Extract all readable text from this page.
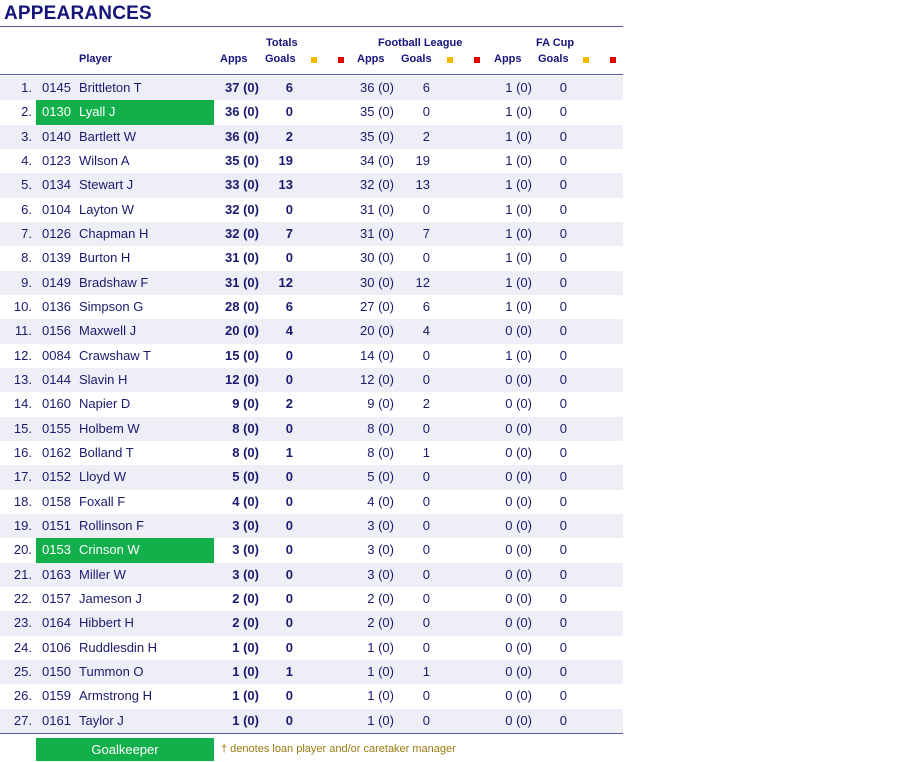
APPEARANCES
Totals	Football League	FA Cup
Player	Apps Goals	Apps Goals	Apps Goals
1. 0145 Brittleton T	37 (0) 6	36 (0) 6	1 (0) 0
2. 0130 Lyall J	36 (0) 0	35 (0) 0	1 (0) 0
3. 0140 Bartlett W	36 (0) 2	35 (0) 2	1 (0) 0
4. 0123 Wilson A	35 (0) 19	34 (0) 19	1 (0) 0
5. 0134 Stewart J	33 (0) 13	32 (0) 13	1 (0) 0
6. 0104 Layton W	32 (0) 0	31 (0) 0	1 (0) 0
7. 0126 Chapman H	32 (0) 7	31 (0) 7	1 (0) 0
8. 0139 Burton H	31 (0) 0	30 (0) 0	1 (0) 0
9. 0149 Bradshaw F	31 (0) 12	30 (0) 12	1 (0) 0
10. 0136 Simpson G	28 (0) 6	27 (0) 6	1 (0) 0
11. 0156 Maxwell J	20 (0) 4	20 (0) 4	0 (0) 0
12. 0084 Crawshaw T	15 (0) 0	14 (0) 0	1 (0) 0
13. 0144 Slavin H	12 (0) 0	12 (0) 0	0 (0) 0
14. 0160 Napier D	9 (0) 2	9 (0) 2	0 (0) 0
15. 0155 Holbem W	8 (0) 0	8 (0) 0	0 (0) 0
16. 0162 Bolland T	8 (0) 1	8 (0) 1	0 (0) 0
17. 0152 Lloyd W	5 (0) 0	5 (0) 0	0 (0) 0
18. 0158 Foxall F	4 (0) 0	4 (0) 0	0 (0) 0
19. 0151 Rollinson F	3 (0) 0	3 (0) 0	0 (0) 0
20. 0153 Crinson W	3 (0) 0	3 (0) 0	0 (0) 0
21. 0163 Miller W	3 (0) 0	3 (0) 0	0 (0) 0
22. 0157 Jameson J	2 (0) 0	2 (0) 0	0 (0) 0
23. 0164 Hibbert H	2 (0) 0	2 (0) 0	0 (0) 0
24. 0106 Ruddlesdin H	1 (0) 0	1 (0) 0	0 (0) 0
25. 0150 Tummon O	1 (0) 1	1 (0) 1	0 (0) 0
26. 0159 Armstrong H	1 (0) 0	1 (0) 0	0 (0) 0
27. 0161 Taylor J	1 (0) 0	1 (0) 0	0 (0) 0
Goalkeeper	† denotes loan player and/or caretaker manager
